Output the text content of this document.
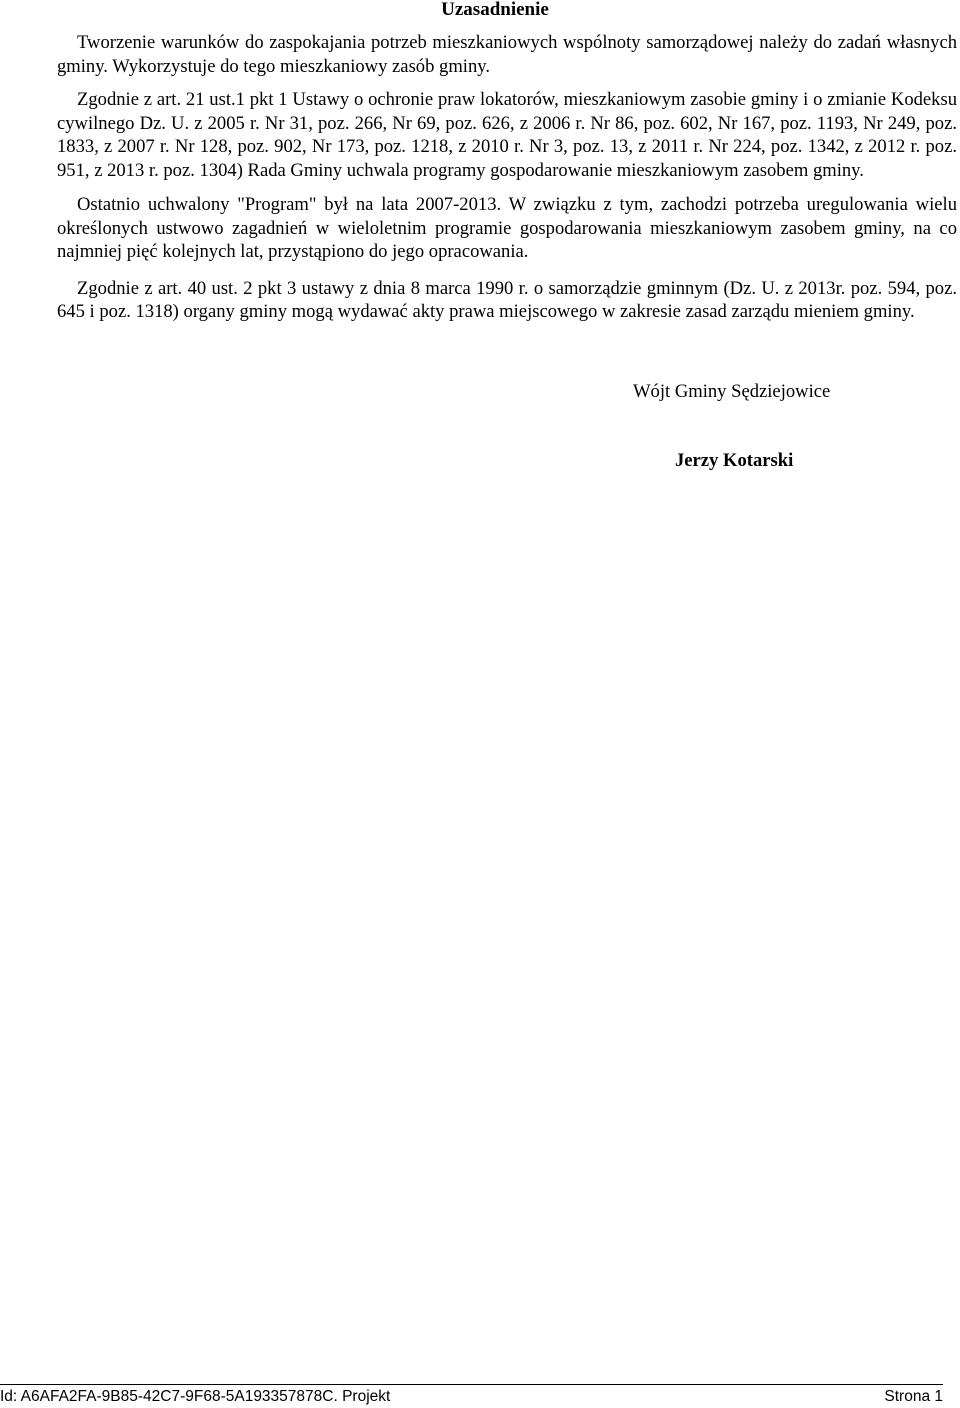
Uzasadnienie

Tworzenie warunków do zaspokajania potrzeb mieszkaniowych wspólnoty samorządowej należy do zadań własnych gminy. Wykorzystuje do tego mieszkaniowy zasób gminy.

Zgodnie z art. 21 ust.1 pkt 1 Ustawy o ochronie praw lokatorów, mieszkaniowym zasobie gminy i o zmianie Kodeksu cywilnego Dz. U. z 2005 r. Nr 31, poz. 266, Nr 69, poz. 626, z 2006 r. Nr 86, poz. 602, Nr 167, poz. 1193, Nr 249, poz. 1833, z 2007 r. Nr 128, poz. 902, Nr 173, poz. 1218, z 2010 r. Nr 3, poz. 13, z 2011 r. Nr 224, poz. 1342, z 2012 r. poz. 951, z 2013 r. poz. 1304) Rada Gminy uchwala programy gospodarowanie mieszkaniowym zasobem gminy.

Ostatnio uchwalony "Program" był na lata 2007-2013. W związku z tym, zachodzi potrzeba uregulowania wielu określonych ustwowo zagadnień w wieloletnim programie gospodarowania mieszkaniowym zasobem gminy, na co najmniej pięć kolejnych lat, przystąpiono do jego opracowania.

Zgodnie z art. 40 ust. 2 pkt 3 ustawy z dnia 8 marca 1990 r. o samorządzie gminnym (Dz. U. z 2013r. poz. 594, poz. 645 i poz. 1318) organy gminy mogą wydawać akty prawa miejscowego w zakresie zasad zarządu mieniem gminy.

Wójt Gminy Sędziejowice
Jerzy Kotarski
Id: A6AFA2FA-9B85-42C7-9F68-5A193357878C. Projekt	Strona 1
